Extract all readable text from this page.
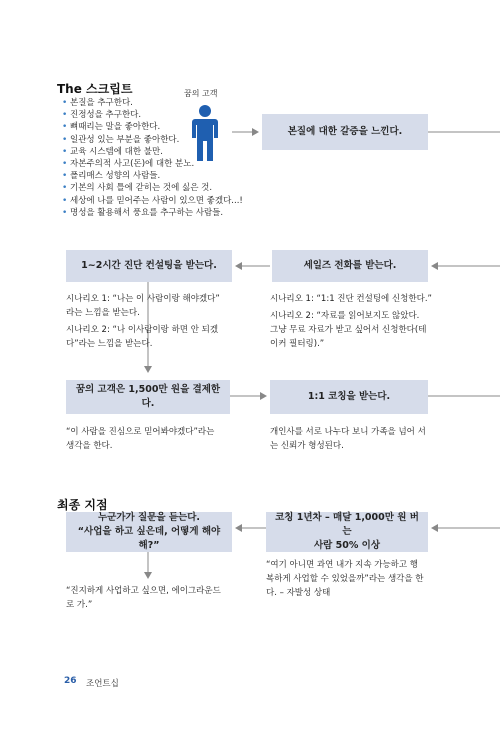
The 스크립트
• 본질을 추구한다.
• 진정성을 추구한다.
• 뼈때리는 말을 좋아한다.
• 일관성 있는 부분을 좋아한다.
• 교육 시스템에 대한 불만.
• 자본주의적 사고(돈)에 대한 분노.
• 폴리매스 성향의 사람들.
• 기본의 사회 틀에 갇히는 것에 싫은 것.
• 세상에 나를 믿어주는 사람이 있으면 좋겠다...!
• 명성을 활용해서 풍요를 추구하는 사람들.
꿈의 고객
본질에 대한 갈증을 느낀다.
1~2시간 진단 컨설팅을 받는다.	세일즈 전화를 받는다.
시나리오 1: “나는 이 사람이랑 해야겠다”
라는 느낌을 받는다.
시나리오 2: “나 이사람이랑 하면 안 되겠
다”라는 느낌을 받는다.
시나리오 1: “1:1 진단 컨설팅에 신청한다.”
시나리오 2: “자료를 읽어보지도 않았다.
그냥 무료 자료가 받고 싶어서 신청한다(테
이커 필터링).”
꿈의 고객은 1,500만 원을 결제한다.
1:1 코칭을 받는다.
“이 사람을 진심으로 믿어봐야겠다”라는
생각을 한다.
개인사를 서로 나누다 보니 가족을 넘어 서
는 신뢰가 형성된다.
최종 지점
누군가가 질문을 듣는다.
“사업을 하고 싶은데, 어떻게 해야 해?”
코칭 1년차 – 매달 1,000만 원 버는
사람 50% 이상
“진지하게 사업하고 싶으면, 에이그라운드
로 가.”
“여기 아니면 과연 내가 지속 가능하고 행
복하게 사업할 수 있었을까”라는 생각을 한
다. – 자발성 상태
26 조언트십
